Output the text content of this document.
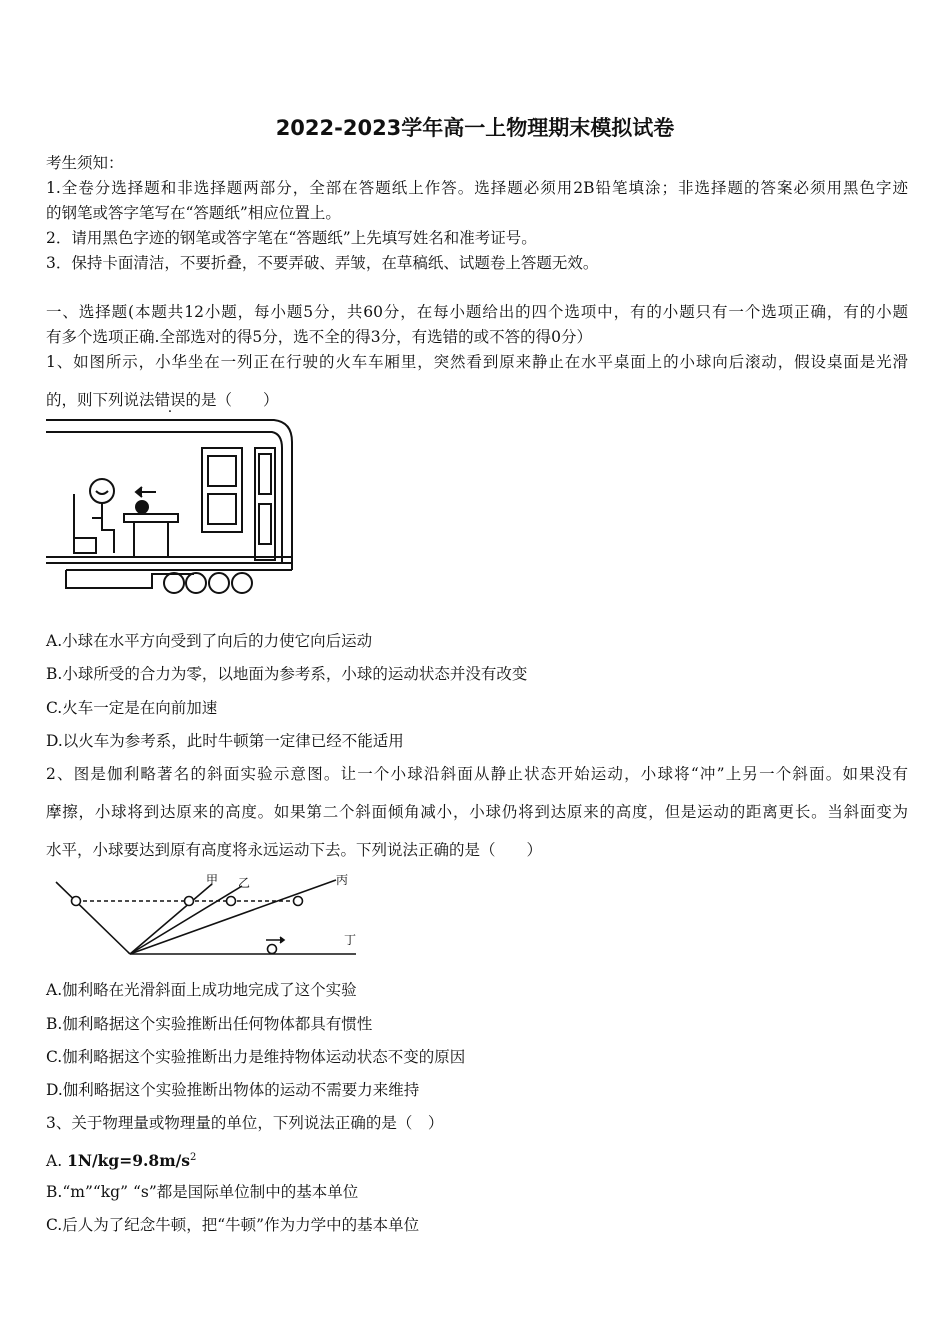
2022-2023学年高一上物理期末模拟试卷
考生须知：
1.全卷分选择题和非选择题两部分，全部在答题纸上作答。选择题必须用2B铅笔填涂；非选择题的答案必须用黑色字迹
的钢笔或答字笔写在“答题纸”相应位置上。
2．请用黑色字迹的钢笔或答字笔在“答题纸”上先填写姓名和准考证号。
3．保持卡面清洁，不要折叠，不要弄破、弄皱，在草稿纸、试题卷上答题无效。
一、选择题(本题共12小题，每小题5分，共60分，在每小题给出的四个选项中，有的小题只有一个选项正确，有的小题
有多个选项正确.全部选对的得5分，选不全的得3分，有选错的或不答的得0分）
1、如图所示，小华坐在一列正在行驶的火车车厢里，突然看到原来静止在水平桌面上的小球向后滚动，假设桌面是光滑
的，则下列说法错误的是（　　）
A.小球在水平方向受到了向后的力使它向后运动
B.小球所受的合力为零，以地面为参考系，小球的运动状态并没有改变
C.火车一定是在向前加速
D.以火车为参考系，此时牛顿第一定律已经不能适用
2、图是伽利略著名的斜面实验示意图。让一个小球沿斜面从静止状态开始运动，小球将“冲”上另一个斜面。如果没有
摩擦，小球将到达原来的高度。如果第二个斜面倾角减小，小球仍将到达原来的高度，但是运动的距离更长。当斜面变为
水平，小球要达到原有高度将永远运动下去。下列说法正确的是（　　）
甲 乙	丙
丁
A.伽利略在光滑斜面上成功地完成了这个实验
B.伽利略据这个实验推断出任何物体都具有惯性
C.伽利略据这个实验推断出力是维持物体运动状态不变的原因
D.伽利略据这个实验推断出物体的运动不需要力来维持
3、关于物理量或物理量的单位，下列说法正确的是（　）
A. $1N/kg=9.8m/s^2$
B.“m”“kg” “s”都是国际单位制中的基本单位
C.后人为了纪念牛顿，把“牛顿”作为力学中的基本单位
